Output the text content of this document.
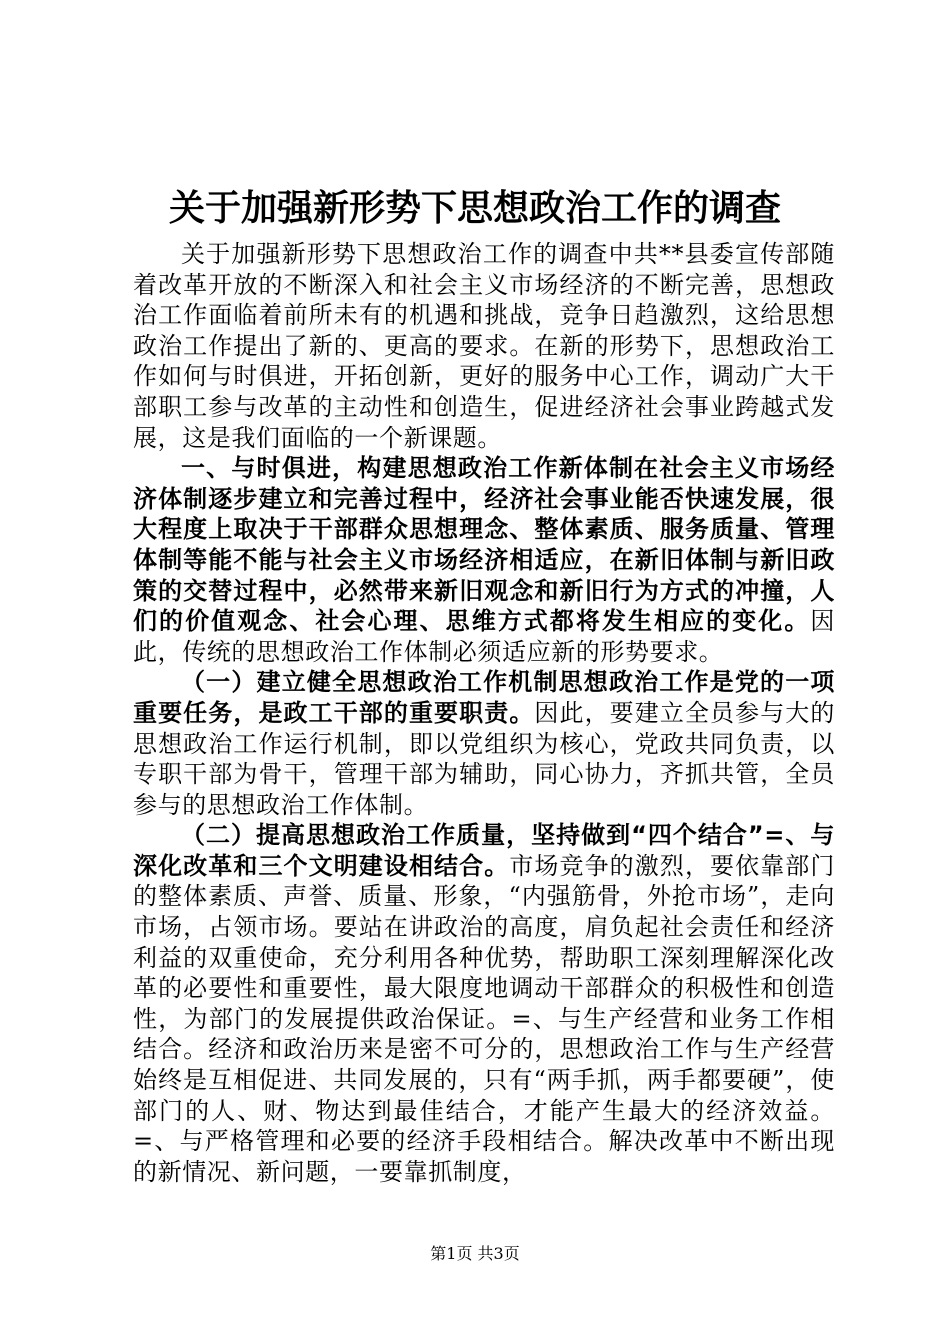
关于加强新形势下思想政治工作的调查

关于加强新形势下思想政治工作的调查中共**县委宣传部随着改革开放的不断深入和社会主义市场经济的不断完善，思想政治工作面临着前所未有的机遇和挑战，竞争日趋激烈，这给思想政治工作提出了新的、更高的要求。在新的形势下，思想政治工作如何与时俱进，开拓创新，更好的服务中心工作，调动广大干部职工参与改革的主动性和创造生，促进经济社会事业跨越式发展，这是我们面临的一个新课题。

一、与时俱进，构建思想政治工作新体制在社会主义市场经济体制逐步建立和完善过程中，经济社会事业能否快速发展，很大程度上取决于干部群众思想理念、整体素质、服务质量、管理体制等能不能与社会主义市场经济相适应，在新旧体制与新旧政策的交替过程中，必然带来新旧观念和新旧行为方式的冲撞，人们的价值观念、社会心理、思维方式都将发生相应的变化。因此，传统的思想政治工作体制必须适应新的形势要求。

（一）建立健全思想政治工作机制思想政治工作是党的一项重要任务，是政工干部的重要职责。因此，要建立全员参与大的思想政治工作运行机制，即以党组织为核心，党政共同负责，以专职干部为骨干，管理干部为辅助，同心协力，齐抓共管，全员参与的思想政治工作体制。

（二）提高思想政治工作质量，坚持做到“四个结合”=、与深化改革和三个文明建设相结合。市场竞争的激烈，要依靠部门的整体素质、声誉、质量、形象，“内强筋骨，外抢市场”，走向市场，占领市场。要站在讲政治的高度，肩负起社会责任和经济利益的双重使命，充分利用各种优势，帮助职工深刻理解深化改革的必要性和重要性，最大限度地调动干部群众的积极性和创造性，为部门的发展提供政治保证。=、与生产经营和业务工作相结合。经济和政治历来是密不可分的，思想政治工作与生产经营始终是互相促进、共同发展的，只有“两手抓，两手都要硬”，使部门的人、财、物达到最佳结合，才能产生最大的经济效益。=、与严格管理和必要的经济手段相结合。解决改革中不断出现的新情况、新问题，一要靠抓制度，

第1页 共3页
